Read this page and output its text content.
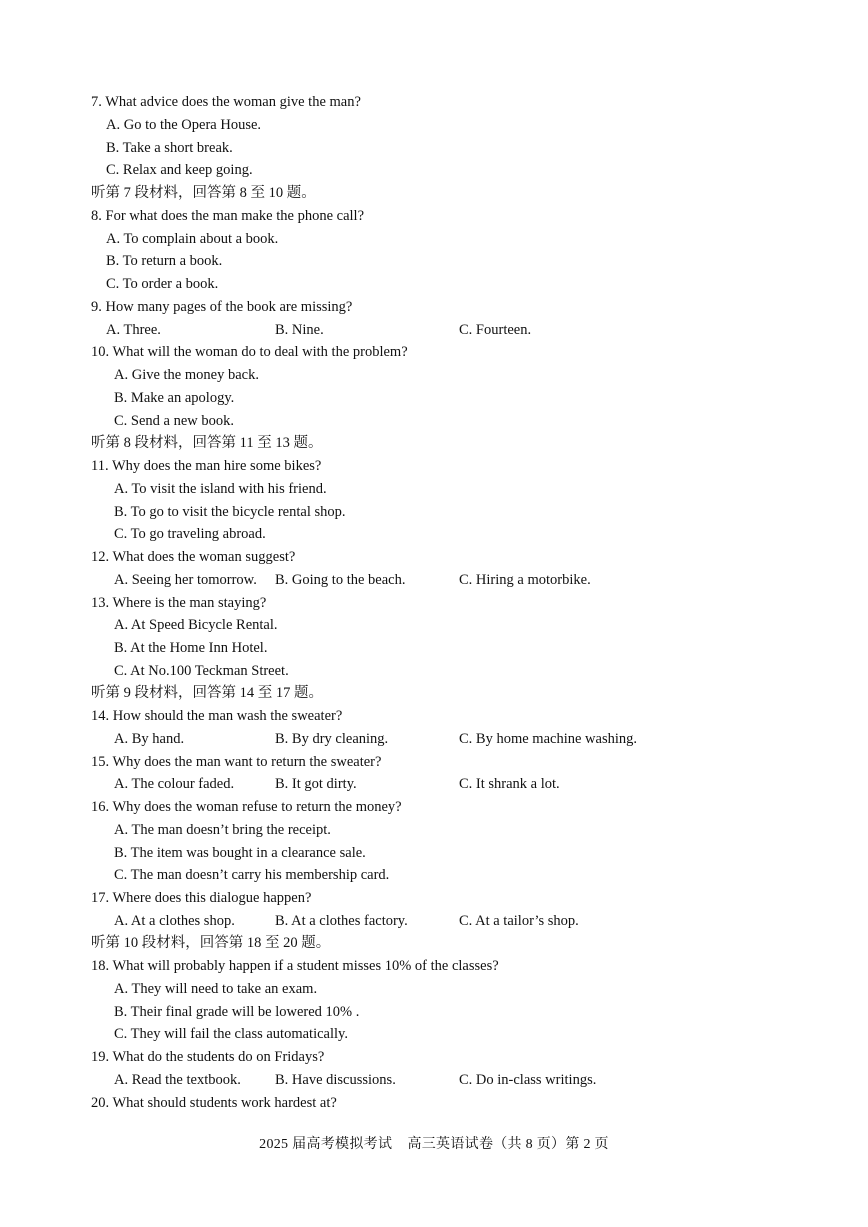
7. What advice does the woman give the man?
A. Go to the Opera House.
B. Take a short break.
C. Relax and keep going.
听第 7 段材料，回答第 8 至 10 题。
8. For what does the man make the phone call?
A. To complain about a book.
B. To return a book.
C. To order a book.
9. How many pages of the book are missing?
A. Three.	B. Nine.	C. Fourteen.
10. What will the woman do to deal with the problem?
A. Give the money back.
B. Make an apology.
C. Send a new book.
听第 8 段材料，回答第 11 至 13 题。
11. Why does the man hire some bikes?
A. To visit the island with his friend.
B. To go to visit the bicycle rental shop.
C. To go traveling abroad.
12. What does the woman suggest?
A. Seeing her tomorrow. B. Going to the beach.	C. Hiring a motorbike.
13. Where is the man staying?
A. At Speed Bicycle Rental.
B. At the Home Inn Hotel.
C. At No.100 Teckman Street.
听第 9 段材料，回答第 14 至 17 题。
14. How should the man wash the sweater?
A. By hand.	B. By dry cleaning.	C. By home machine washing.
15. Why does the man want to return the sweater?
A. The colour faded.	B. It got dirty.	C. It shrank a lot.
16. Why does the woman refuse to return the money?
A. The man doesn’t bring the receipt.
B. The item was bought in a clearance sale.
C. The man doesn’t carry his membership card.
17. Where does this dialogue happen?
A. At a clothes shop.	B. At a clothes factory.	C. At a tailor’s shop.
听第 10 段材料，回答第 18 至 20 题。
18. What will probably happen if a student misses 10% of the classes?
A. They will need to take an exam.
B. Their final grade will be lowered 10% .
C. They will fail the class automatically.
19. What do the students do on Fridays?
A. Read the textbook. B. Have discussions.	C. Do in-class writings.
20. What should students work hardest at?
2025 届高考模拟考试    高三英语试卷（共 8 页）第 2 页
